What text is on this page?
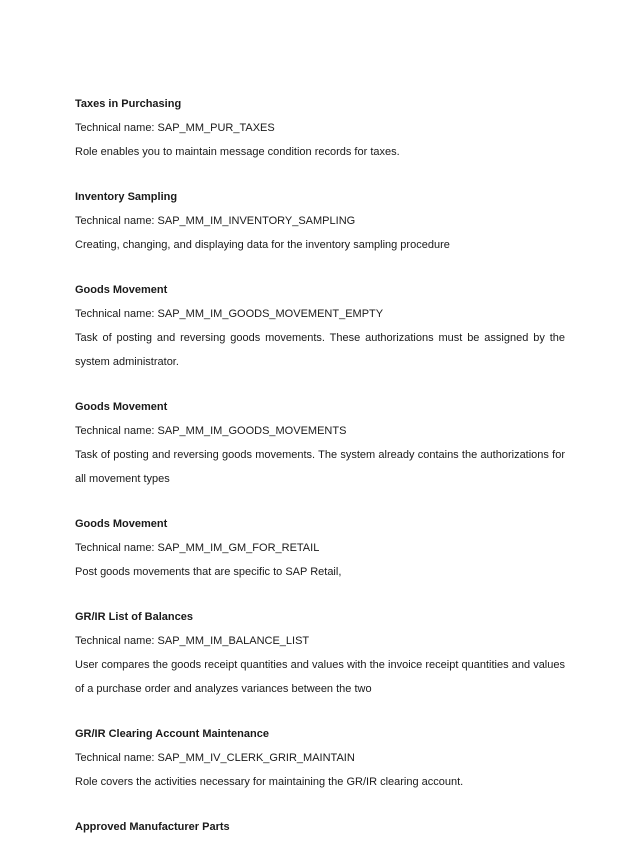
Taxes in Purchasing
Technical name: SAP_MM_PUR_TAXES
Role enables you to maintain message condition records for taxes.
Inventory Sampling
Technical name: SAP_MM_IM_INVENTORY_SAMPLING
Creating, changing, and displaying data for the inventory sampling procedure
Goods Movement
Technical name: SAP_MM_IM_GOODS_MOVEMENT_EMPTY
Task of posting and reversing goods movements. These authorizations must be assigned by the system administrator.
Goods Movement
Technical name: SAP_MM_IM_GOODS_MOVEMENTS
Task of posting and reversing goods movements. The system already contains the authorizations for all movement types
Goods Movement
Technical name: SAP_MM_IM_GM_FOR_RETAIL
Post goods movements that are specific to SAP Retail,
GR/IR List of Balances
Technical name: SAP_MM_IM_BALANCE_LIST
User compares the goods receipt quantities and values with the invoice receipt quantities and values of a purchase order and analyzes variances between the two
GR/IR Clearing Account Maintenance
Technical name: SAP_MM_IV_CLERK_GRIR_MAINTAIN
Role covers the activities necessary for maintaining the GR/IR clearing account.
Approved Manufacturer Parts
